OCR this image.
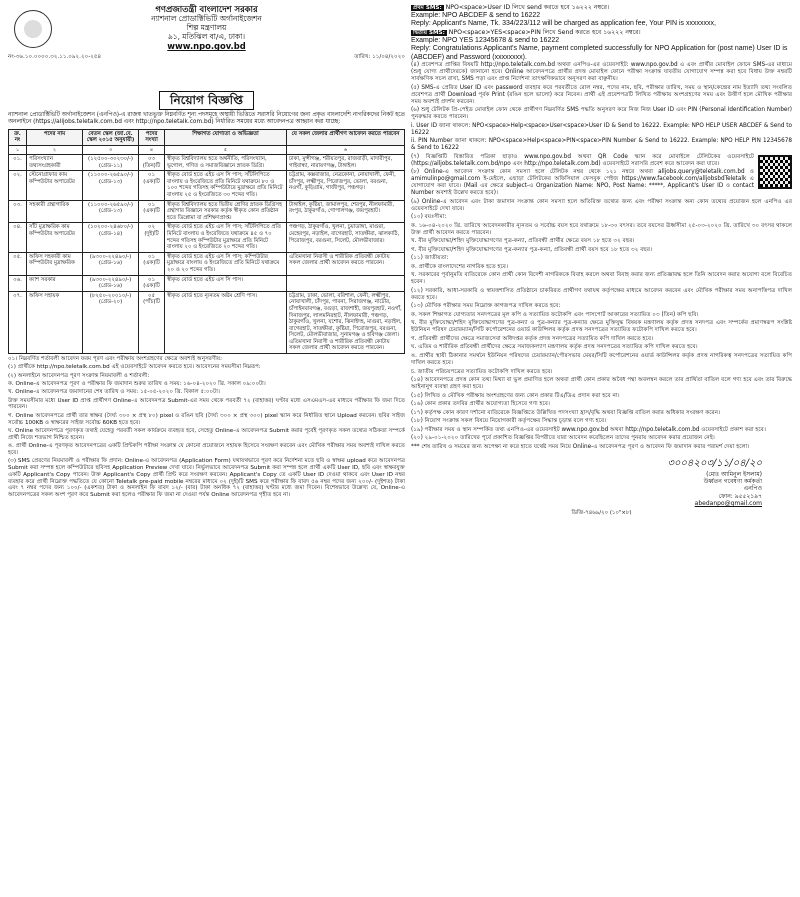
গণপ্রজাতন্ত্রী বাংলাদেশ সরকার
ন্যাশনাল প্রোডাক্টিভিটি অর্গানাইজেশন
শিল্প মন্ত্রণালয়
৯১, মতিঝিল বা/এ, ঢাকা।
www.npo.gov.bd
নং-৩৬.১০.০০০০.৩২.১১.০৯২.২০-২৫৪	তারিখ: ১১/০৪/২০২০
নিয়োগ বিজ্ঞপ্তি

ন্যাশনাল প্রোডাক্টিভিটি অর্গানাইজেশন (এনপিও)-এ রাজস্ব খাতভুক্ত নিম্নবর্ণিত শূন্য পদসমূহে অস্থায়ী ভিত্তিতে সরাসরি নিয়োগের জন্য প্রকৃত বাংলাদেশি নাগরিকদের নিকট হতে অনলাইনে (https://alljobs.teletalk.com.bd এবং http://npo.teletalk.com.bd) নির্ধারিত সময়ের মধ্যে আবেদনপত্র আহ্বান করা যাচ্ছে:

ক্র. নং	পদের নাম	বেতন স্কেল (জা.বে. স্কেল ২০১৫ অনুযায়ী)	পদের সংখ্যা	শিক্ষাগত যোগ্যতা ও অভিজ্ঞতা	যে সকল জেলার প্রার্থীগণ আবেদন করতে পারবেন
১	২	৩	৪	৫	৬
০১.	পরিসংখ্যান তথ্যসংগ্রহকারী	(১২৫০০-৩০২৩০/-) (গ্রেড-১১)	০৩ (তিন)টি	স্বীকৃত বিশ্ববিদ্যালয় হতে অর্থনীতি, পরিসংখ্যান, ভূগোল, গণিত ও সমাজবিজ্ঞানে স্নাতক ডিগ্রি।	ঢাকা, মুন্সীগঞ্জ, শরীয়তপুর, রাজবাড়ী, মাদারীপুর, গাইবান্ধা, নারায়ণগঞ্জ, টাঙ্গাইল।
০২.	স্টেনোগ্রাফার কাম কম্পিউটার অপারেটর	(১১০০০-২৬৫৯০/-) (গ্রেড-১৩)	০১ (এক)টি	স্বীকৃত বোর্ড হতে এইচ এস সি পাস; সাঁটলিপিতে বাংলায় ও ইংরেজিতে প্রতি মিনিটে যথাক্রমে ৮০ ও ১০০ শব্দের গতিসহ কম্পিউটারে মুদ্রাক্ষরে প্রতি মিনিটে বাংলায় ২৫ ও ইংরেজিতে ৩০ শব্দের গতি।	চট্টগ্রাম, কক্সবাজার, নেত্রকোনা, নোয়াখালী, ফেনী, চাঁদপুর, লক্ষ্মীপুর, পিরোজপুর, ভোলা, বরগুনা, নওগাঁ, কুড়িগ্রাম, গাজীপুর, পঞ্চগড়।
০৩.	সহকারী গ্রন্থাগারিক	(১১০০০-২৬৫৯০/-) (গ্রেড-১৩)	০১ (এক)টি	স্বীকৃত বিশ্ববিদ্যালয় হতে দ্বিতীয় শ্রেণির স্নাতক ডিগ্রিসহ গ্রন্থাগার বিজ্ঞানে সরকার কর্তৃক স্বীকৃত কোন প্রতিষ্ঠান হতে ডিপ্লোমা বা প্রশিক্ষণপ্রাপ্ত।	টাঙ্গাইল, কুষ্টিয়া, জামালপুর, শেরপুর, নীলফামারী, রংপুর, ঠাকুরগাঁও, গোপালগঞ্জ, জয়পুরহাট।
০৪.	সাঁট মুদ্রাক্ষরিক কাম কম্পিউটার অপারেটর	(১০২০০-২৪৬৮০/-) (গ্রেড-১৪)	০২ (দুই)টি	স্বীকৃত বোর্ড হতে এইচ এস সি পাস; সাঁটলিপিতে প্রতি মিনিটে বাংলায় ও ইংরেজিতে যথাক্রমে ৪৫ ও ৭০ শব্দের গতিসহ কম্পিউটার মুদ্রাক্ষরে প্রতি মিনিটে বাংলায় ২০ ও ইংরেজিতে ২০ শব্দের গতি।	পঞ্চগড়, ঠাকুরগাঁও, খুলনা, চুয়াডাঙ্গা, মাগুরা, মেহেরপুর, নড়াইল, বাগেরহাট, সাতক্ষীরা, ঝালকাঠি, পিরোজপুর, বরগুনা, সিলেট, মৌলভীবাজার।
০৫.	অফিস সহকারী কাম কম্পিউটার মুদ্রাক্ষরিক	(৯৩০০-২২৪৯০/-) (গ্রেড-১৬)	০১ (এক)টি	স্বীকৃত বোর্ড হতে এইচ এস সি পাস; কম্পিউটার মুদ্রাক্ষরে বাংলায় ও ইংরেজিতে প্রতি মিনিটে যথাক্রমে ২০ ও ২০ শব্দের গতি।	এতিমখানা নিবাসী ও শারীরিক প্রতিবন্ধী কোটায় সকল জেলার প্রার্থী আবেদন করতে পারবেন।
০৬.	ক্যাশ সরকার	(৯৩০০-২২৪৯০/-) (গ্রেড-১৬)	০১ (এক)টি	স্বীকৃত বোর্ড হতে এইচ এস সি পাস।	
০৭.	অফিস সহায়ক	(৮২৫০-২০০১০/-) (গ্রেড-২০)	০৫ (পাঁচ)টি	স্বীকৃত বোর্ড হতে ন্যূনতম অষ্টম শ্রেণি পাস।	চট্টগ্রাম, ঢাকা, ভোলা, বরিশাল, ফেনী, লক্ষ্মীপুর, নোয়াখালী, চাঁদপুর, পাবনা, সিরাজগঞ্জ, নাটোর, চাঁপাইনবাবগঞ্জ, বগুড়া, রাজশাহী, জয়পুরহাট, নওগাঁ, দিনাজপুর, লালমনিরহাট, নীলফামারী, পঞ্চগড়, ঠাকুরগাঁও, খুলনা, যশোর, ঝিনাইদহ, মাগুরা, নড়াইল, বাগেরহাট, সাতক্ষীরা, কুষ্টিয়া, পিরোজপুর, বরগুনা, সিলেট, মৌলভীবাজার, সুনামগঞ্জ ও হবিগঞ্জ জেলা। এতিমখানা নিবাসী ও শারীরিক প্রতিবন্ধী কোটায় সকল জেলার প্রার্থী আবেদন করতে পারবেন।

০১। নিম্নবর্ণিত শর্তাবলী আবেদন ফরম পূরণ এবং পরীক্ষায় অংশগ্রহণের ক্ষেত্রে অবশ্যই অনুসরণীয়:

(১) প্রার্থীকে http://npo.teletalk.com.bd এই ওয়েবসাইটে আবেদন করতে হবে। আবেদনের সময়সীমা নিম্নরূপ:

(২) অনলাইনে আবেদনপত্র পূরণ সংক্রান্ত নিয়মাবলী ও শর্তাবলী:

ক. Online-এ আবেদনপত্র পূরণ ও পরীক্ষার ফি জমাদান শুরুর তারিখ ও সময়: ১৬-০৪-২০২০ খ্রি. সকাল ০৯:০০টা।

খ. Online-এ আবেদনপত্র জমাদানের শেষ তারিখ ও সময়: ১৫-০৫-২০২০ খ্রি. বিকাল ৫:০০টা।

উক্ত সময়সীমার মধ্যে User ID প্রাপ্ত প্রার্থীগণ Online-এ আবেদনপত্র Submit-এর সময় থেকে পরবর্তী ৭২ (বাহাত্তর) ঘণ্টার মধ্যে এসএমএস-এর মাধ্যমে পরীক্ষার ফি জমা দিতে পারবেন।

গ. Online আবেদনপত্রে প্রার্থী তার স্বাক্ষর (দৈর্ঘ্য ৩০০ × প্রস্থ ৮০) pixel ও রঙিন ছবি (দৈর্ঘ্য ৩০০ × প্রস্থ ৩০০) pixel স্ক্যান করে নির্ধারিত স্থানে Upload করবেন। ছবির সাইজ সর্বোচ্চ 100KB ও স্বাক্ষরের সাইজ সর্বোচ্চ 60KB হতে হবে।

ঘ. Online আবেদনপত্রে পূরণকৃত তথ্যই যেহেতু পরবর্তী সকল কার্যক্রমে ব্যবহৃত হবে, সেহেতু Online-এ আবেদনপত্র Submit করার পূর্বেই পূরণকৃত সকল তথ্যের সঠিকতা সম্পর্কে প্রার্থী নিজে শতভাগ নিশ্চিত হবেন।

ঙ. প্রার্থী Online-এ পূরণকৃত আবেদনপত্রের একটি প্রিন্টকপি পরীক্ষা সংক্রান্ত যে কোনো প্রয়োজনে সহায়ক হিসেবে সংরক্ষণ করবেন এবং মৌখিক পরীক্ষার সময় অবশ্যই দাখিল করতে হবে।

(৩) SMS প্রেরণের নিয়মাবলী ও পরীক্ষার ফি প্রদান: Online-এ আবেদনপত্র (Application Form) যথাযথভাবে পূরণ করে নির্দেশনা মতে ছবি ও স্বাক্ষর upload করে আবেদনপত্র Submit করা সম্পন্ন হলে কম্পিউটারে ছবিসহ Application Preview দেখা যাবে। নির্ভুলভাবে আবেদনপত্র Submit করা সম্পন্ন হলে প্রার্থী একটি User ID, ছবি এবং স্বাক্ষরযুক্ত একটি Applicant's Copy পাবেন। উক্ত Applicant's Copy প্রার্থী প্রিন্ট করে সংরক্ষণ করবেন। Applicant's Copy তে একটি User ID দেওয়া থাকবে এবং User ID নম্বর ব্যবহার করে প্রার্থী নিম্নোক্ত পদ্ধতিতে যে কোনো Teletalk pre-paid mobile নম্বরের মাধ্যমে ০২ (দুই)টি SMS করে পরীক্ষার ফি বাবদ ৫৬ নম্বর পদের জন্য ২০০/- (দুইশত) টাকা এবং ৭ নম্বর পদের জন্য ১০০/- (একশত) টাকা ও অনলাইন ফি বাবদ ১২/- (বার) টাকা অনধিক ৭২ (বাহাত্তর) ঘণ্টার মধ্যে জমা দিবেন। বিশেষভাবে উল্লেখ্য যে, Online-এ আবেদনপত্রের সকল অংশ পূরণ করে Submit করা হলেও পরীক্ষার ফি জমা না দেওয়া পর্যন্ত Online আবেদনপত্র গৃহীত হবে না।

প্রথম SMS: NPO<space>User ID লিখে send করতে হবে ১৬২২২ নম্বরে।
Example: NPO ABCDEF & send to 16222
Reply: Applicant's Name, Tk. 334/223/112 will be charged as application fee, Your PIN is xxxxxxxx,
দ্বিতীয় SMS: NPO<space>YES<space>PIN লিখে Send করতে হবে ১৬২২২ নম্বরে।
Example: NPO YES 12345678 & send to 16222
Reply: Congratulations Applicant's Name, payment completed successfully for NPO Application for (post name) User ID is (ABCDEF) and Password (xxxxxxxx).

(৪) প্রবেশপত্র প্রাপ্তির বিষয়টি http://npo.teletalk.com.bd অথবা এনপিও-এর ওয়েবসাইট: www.npo.gov.bd এ এবং প্রার্থীর মোবাইল ফোনে SMS-এর মাধ্যমে (শুধু যোগ্য প্রার্থীদেরকে) জানানো হবে। Online আবেদনপত্রে প্রার্থীর প্রদত্ত মোবাইল ফোনে পরীক্ষা সংক্রান্ত যাবতীয় যোগাযোগ সম্পন্ন করা হবে বিধায় উক্ত নম্বরটি সার্বক্ষণিক সচল রাখা, SMS পড়া এবং প্রাপ্ত নির্দেশনা তাৎক্ষণিকভাবে অনুসরণ করা বাঞ্ছনীয়।

(৫) SMS-এ প্রেরিত User ID এবং password ব্যবহার করে পরবর্তীতে রোল নম্বর, পদের নাম, ছবি, পরীক্ষার তারিখ, সময় ও স্থান/কেন্দ্রের নাম ইত্যাদি তথ্য সংবলিত প্রবেশপত্র প্রার্থী Download পূর্বক Print (রঙিন হলে ভালো) করে নিবেন। প্রার্থী এই প্রবেশপত্রটি লিখিত পরীক্ষায় অংশগ্রহণের সময় এবং উত্তীর্ণ হলে মৌখিক পরীক্ষার সময় অবশ্যই প্রদর্শন করবেন।

(৬) শুধু টেলিটক প্রি-পেইড মোবাইল ফোন থেকে প্রার্থীগণ নিম্নবর্ণিত SMS পদ্ধতি অনুসরণ করে নিজ নিজ User ID এবং PIN (Personal Identification Number) পুনরুদ্ধার করতে পারবেন।

i. User ID জানা থাকলে: NPO<space>Help<space>User<space>User ID & Send to 16222. Example: NPO HELP USER ABCDEF & Send to 16222

ii. PIN Number জানা থাকলে: NPO<space>Help<space>PIN<space>PIN Number & Send to 16222. Example: NPO HELP PIN 12345678 & Send to 16222

(৭) বিজ্ঞপ্তিটি বিস্তারিত পত্রিকা ছাড়াও www.npo.gov.bd অথবা QR Code স্ক্যান করে মোবাইলে টেলিটকের ওয়েবসাইটে (https://alljobs.teletalk.com.bd/npo এবং http://npo.teletalk.com.bd) ওয়েবসাইটে সরাসরি প্রবেশ করে আবেদন করা যাবে।

(৮) Online-এ আবেদন সংক্রান্ত কোন সমস্যা হলে টেলিটক নম্বর থেকে ১২১ নম্বরে অথবা alljobs.query@teletalk.com.bd ও amimulinpo@gmail.com ই-মেইলে, এছাড়া টেলিটকের অফিসিয়াল ফেসবুক পেইজ https://www.facebook.com/alljobsbdTeletalk এ যোগাযোগ করা যাবে। (Mail এর ক্ষেত্রে subject-এ Organization Name: NPO, Post Name: *****, Applicant's User ID ও contact Number অবশ্যই উল্লেখ করতে হবে)।

(৯) Online-এ আবেদন এবং টাকা জমাদান সংক্রান্ত কোন সমস্যা হলে অতিরিক্ত তথ্যের জন্য এবং পরীক্ষা সংক্রান্ত অন্য কোন তথ্যের প্রয়োজন হলে এনপিও এর ওয়েবসাইটে দেখা যাবে।

(১০) বয়ঃসীমা:

ক. ১৬-০৪-২০২০ খ্রি. তারিখে আবেদনকারীর ন্যূনতম ও সর্বোচ্চ বয়স হবে যথাক্রমে ১৮-৩০ বৎসর। তবে বয়সের ঊর্ধ্বসীমা ২৫-০৩-২০২০ খ্রি. তারিখে ৩০ বৎসর থাকলে উক্ত প্রার্থী আবেদন করতে পারবেন।

খ. বীর মুক্তিযোদ্ধা/শহিদ মুক্তিযোদ্ধাগণের পুত্র-কন্যা, প্রতিবন্ধী প্রার্থীর ক্ষেত্রে বয়স ১৮ হতে ৩২ বছর।

গ. বীর মুক্তিযোদ্ধা/শহিদ মুক্তিযোদ্ধাগণের পুত্র-কন্যার পুত্র-কন্যা, প্রতিবন্ধী প্রার্থী বয়স হবে ১৮ হতে ৩২ বছর।

(১১) জাতীয়তা:

ক. প্রার্থীকে বাংলাদেশের নাগরিক হতে হবে।

খ. সরকারের পূর্বানুমতি ব্যতিরেকে কোন প্রার্থী কোন বিদেশী নাগরিককে বিবাহ করলে অথবা বিবাহ করার জন্য প্রতিজ্ঞাবদ্ধ হলে তিনি আবেদন করার অযোগ্য বলে বিবেচিত হবেন।

(১২) সরকারি, আধা-সরকারি ও স্বায়ত্তশাসিত প্রতিষ্ঠানে চাকরিরত প্রার্থীগণ যথাযথ কর্তৃপক্ষের মাধ্যমে আবেদন করবেন এবং মৌখিক পরীক্ষার সময় অনাপত্তিপত্র দাখিল করতে হবে।

(১৩) মৌখিক পরীক্ষার সময় নিম্নোক্ত কাগজপত্র দাখিল করতে হবে:

ক. সকল শিক্ষাগত যোগ্যতার সনদপত্রের মূল কপি ও সত্যায়িত ফটোকপি এবং পাসপোর্ট আকারের সত্যায়িত ০৩ (তিন) কপি ছবি।

খ. বীর মুক্তিযোদ্ধা/শহিদ মুক্তিযোদ্ধাগণের পুত্র-কন্যা ও পুত্র-কন্যার পুত্র-কন্যার ক্ষেত্রে মুক্তিযুদ্ধ বিষয়ক মন্ত্রণালয় কর্তৃক প্রদত্ত সনদপত্র এবং সম্পর্কের প্রমাণস্বরূপ সংশ্লিষ্ট ইউনিয়ন পরিষদ চেয়ারম্যান/সিটি কর্পোরেশনের ওয়ার্ড কাউন্সিলর কর্তৃক প্রদত্ত সনদপত্রের সত্যায়িত ফটোকপি দাখিল করতে হবে।

গ. প্রতিবন্ধী প্রার্থীদের ক্ষেত্রে সমাজসেবা অধিদপ্তর কর্তৃক প্রদত্ত সনদপত্রের সত্যায়িত কপি দাখিল করতে হবে।

ঘ. এতিম ও শারীরিক প্রতিবন্ধী প্রার্থীদের ক্ষেত্রে সমাজকল্যাণ মন্ত্রণালয় কর্তৃক প্রদত্ত সনদপত্রের সত্যায়িত কপি দাখিল করতে হবে।

ঙ. প্রার্থীর স্থায়ী ঠিকানার সমর্থনে ইউনিয়ন পরিষদের চেয়ারম্যান/পৌরসভার মেয়র/সিটি কর্পোরেশনের ওয়ার্ড কাউন্সিলর কর্তৃক প্রদত্ত নাগরিকত্ব সনদপত্রের সত্যায়িত কপি দাখিল করতে হবে।

চ. জাতীয় পরিচয়পত্রের সত্যায়িত ফটোকপি দাখিল করতে হবে।

(১৪) আবেদনপত্রে প্রদত্ত কোন তথ্য মিথ্যা বা ভুল প্রমাণিত হলে অথবা প্রার্থী কোন প্রকার অবৈধ পন্থা অবলম্বন করলে তার প্রার্থিতা বাতিল বলে গণ্য হবে এবং তার বিরুদ্ধে আইনানুগ ব্যবস্থা গ্রহণ করা হবে।

(১৫) লিখিত ও মৌখিক পরীক্ষায় অংশগ্রহণের জন্য কোন প্রকার টিএ/ডিএ প্রদান করা হবে না।

(১৬) কোন প্রকার তদবির প্রার্থীর অযোগ্যতা হিসেবে গণ্য হবে।

(১৭) কর্তৃপক্ষ কোন কারণ দর্শানো ব্যতিরেকে বিজ্ঞপ্তিতে উল্লিখিত পদসংখ্যা হ্রাস/বৃদ্ধি অথবা বিজ্ঞপ্তি বাতিল করার অধিকার সংরক্ষণ করেন।

(১৮) নিয়োগ সংক্রান্ত সকল বিষয়ে নিয়োগকারী কর্তৃপক্ষের সিদ্ধান্ত চূড়ান্ত বলে গণ্য হবে।

(১৯) পরীক্ষার সময় ও স্থান সম্পর্কিত তথ্য এনপিও-এর ওয়েবসাইট www.npo.gov.bd অথবা http://npo.teletalk.com.bd ওয়েবসাইটে প্রকাশ করা হবে।

(২০) ২৯-০১-২০২০ তারিখের পূর্বে প্রকাশিত বিজ্ঞপ্তির বিপরীতে যারা আবেদন করেছিলেন তাদের পুনরায় আবেদন করার প্রয়োজন নেই।

*** শেষ তারিখ ও সময়ের জন্য অপেক্ষা না করে হাতে যথেষ্ট সময় নিয়ে Online-এ আবেদনপত্র পূরণ ও আবেদন ফি জমাদান করার পরামর্শ দেয়া হলো।

৩০০৪২০৩/১১/০৪/২০
(মোঃ আমিনুল ইসলাম)
উর্ধ্বতন গবেষণা কর্মকর্তা
এনপিও
ফোন: ৯৫৫২১৯৭
abedanpo@gmail.com
ডিজি-৭৪৬৯/২০ (১০"×৮)
